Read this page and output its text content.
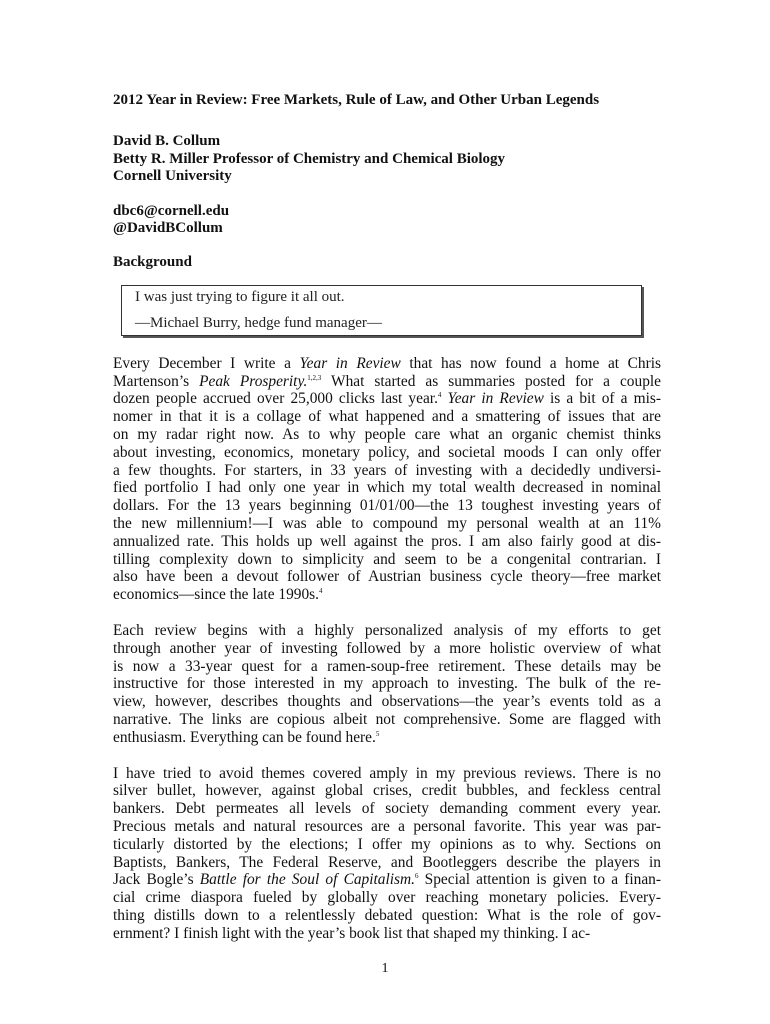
2012 Year in Review: Free Markets, Rule of Law, and Other Urban Legends
David B. Collum
Betty R. Miller Professor of Chemistry and Chemical Biology
Cornell University
dbc6@cornell.edu
@DavidBCollum
Background
I was just trying to figure it all out.
—Michael Burry, hedge fund manager—
Every December I write a Year in Review that has now found a home at Chris
Martenson’s Peak Prosperity.$^{1,2,3}$ What started as summaries posted for a couple
dozen people accrued over 25,000 clicks last year.$^4$ Year in Review is a bit of a mis-
nomer in that it is a collage of what happened and a smattering of issues that are
on my radar right now. As to why people care what an organic chemist thinks
about investing, economics, monetary policy, and societal moods I can only offer
a few thoughts. For starters, in 33 years of investing with a decidedly undiversi-
fied portfolio I had only one year in which my total wealth decreased in nominal
dollars. For the 13 years beginning 01/01/00—the 13 toughest investing years of
the new millennium!—I was able to compound my personal wealth at an 11%
annualized rate. This holds up well against the pros. I am also fairly good at dis-
tilling complexity down to simplicity and seem to be a congenital contrarian. I
also have been a devout follower of Austrian business cycle theory—free market
economics—since the late 1990s.$^4$
Each review begins with a highly personalized analysis of my efforts to get
through another year of investing followed by a more holistic overview of what
is now a 33-year quest for a ramen-soup-free retirement. These details may be
instructive for those interested in my approach to investing. The bulk of the re-
view, however, describes thoughts and observations—the year’s events told as a
narrative. The links are copious albeit not comprehensive. Some are flagged with
enthusiasm. Everything can be found here.$^5$
I have tried to avoid themes covered amply in my previous reviews. There is no
silver bullet, however, against global crises, credit bubbles, and feckless central
bankers. Debt permeates all levels of society demanding comment every year.
Precious metals and natural resources are a personal favorite. This year was par-
ticularly distorted by the elections; I offer my opinions as to why. Sections on
Baptists, Bankers, The Federal Reserve, and Bootleggers describe the players in
Jack Bogle’s Battle for the Soul of Capitalism.$^6$ Special attention is given to a finan-
cial crime diaspora fueled by globally over reaching monetary policies. Every-
thing distills down to a relentlessly debated question: What is the role of gov-
ernment? I finish light with the year’s book list that shaped my thinking. I ac-
1
